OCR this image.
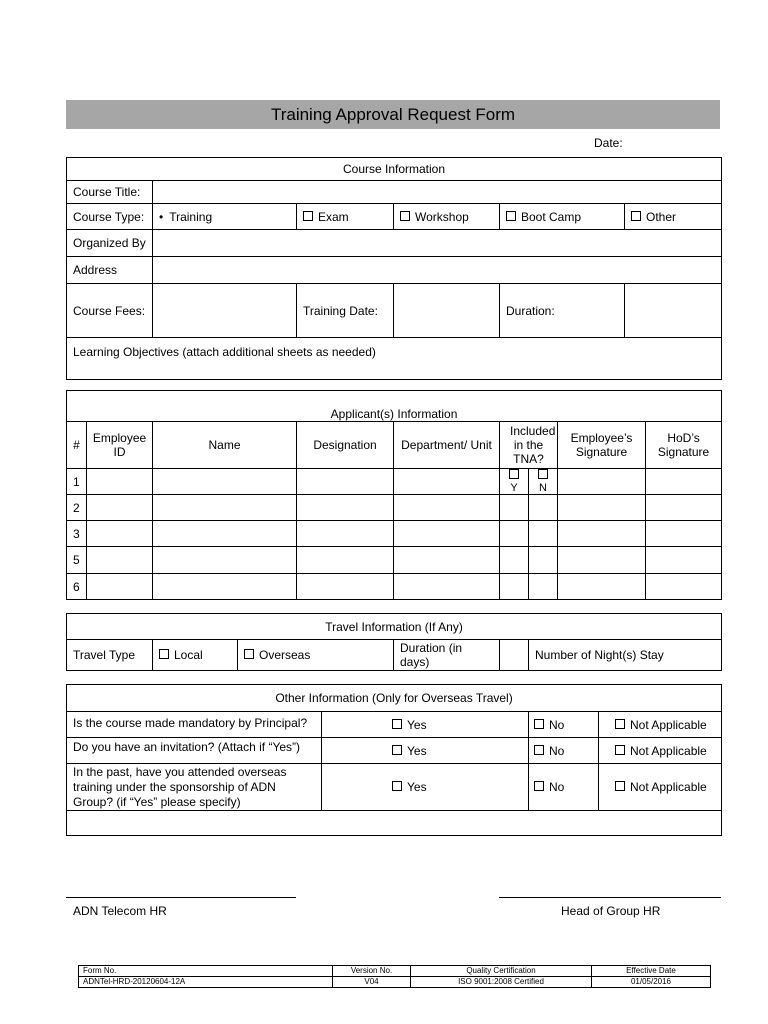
Training Approval Request Form
Date:
Course Information					
Course Title:					
Course Type:	• Training	Exam	Workshop	Boot Camp	Other
Organized By					
Address					
Course Fees:		Training Date:		Duration:	
Learning Objectives (attach additional sheets as needed)					
Applicant(s) Information								
#	Employee ID	Name	Designation	Department/ Unit	Included in the TNA?		Employee’s Signature	HoD’s Signature
1					Y	N		
2								
3								
5								
6								
Travel Information (If Any)
Travel Type	Local	Overseas	Duration (in days)		Number of Night(s) Stay
Other Information (Only for Overseas Travel)			
Is the course made mandatory by Principal?	Yes	No	Not Applicable
Do you have an invitation? (Attach if “Yes”)	Yes	No	Not Applicable
In the past, have you attended overseas training under the sponsorship of ADN Group? (if “Yes” please specify)	Yes	No	Not Applicable

ADN Telecom HR	Head of Group HR
Form No.	Version No.	Quality Certification	Effective Date
ADNTel-HRD-20120604-12A	V04	ISO 9001:2008 Certified	01/05/2016
